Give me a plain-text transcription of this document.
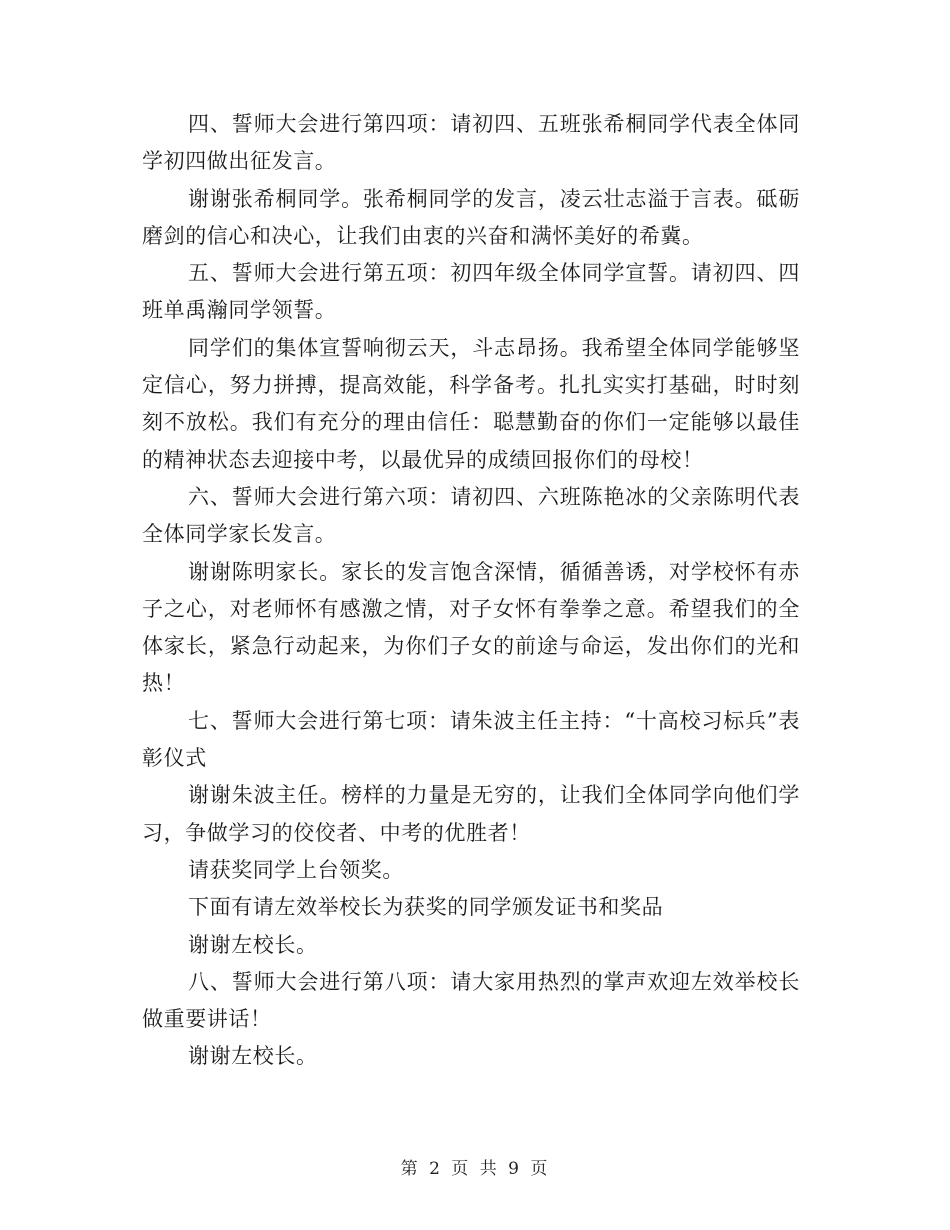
四、誓师大会进行第四项：请初四、五班张希桐同学代表全体同学初四做出征发言。

谢谢张希桐同学。张希桐同学的发言，凌云壮志溢于言表。砥砺磨剑的信心和决心，让我们由衷的兴奋和满怀美好的希冀。

五、誓师大会进行第五项：初四年级全体同学宣誓。请初四、四班单禹瀚同学领誓。

同学们的集体宣誓响彻云天，斗志昂扬。我希望全体同学能够坚定信心，努力拼搏，提高效能，科学备考。扎扎实实打基础，时时刻刻不放松。我们有充分的理由信任：聪慧勤奋的你们一定能够以最佳的精神状态去迎接中考，以最优异的成绩回报你们的母校！

六、誓师大会进行第六项：请初四、六班陈艳冰的父亲陈明代表全体同学家长发言。

谢谢陈明家长。家长的发言饱含深情，循循善诱，对学校怀有赤子之心，对老师怀有感激之情，对子女怀有拳拳之意。希望我们的全体家长，紧急行动起来，为你们子女的前途与命运，发出你们的光和热！

七、誓师大会进行第七项：请朱波主任主持：“十高校习标兵”表彰仪式

谢谢朱波主任。榜样的力量是无穷的，让我们全体同学向他们学习，争做学习的佼佼者、中考的优胜者！

请获奖同学上台领奖。

下面有请左效举校长为获奖的同学颁发证书和奖品

谢谢左校长。

八、誓师大会进行第八项：请大家用热烈的掌声欢迎左效举校长做重要讲话！

谢谢左校长。

第 2 页 共 9 页
